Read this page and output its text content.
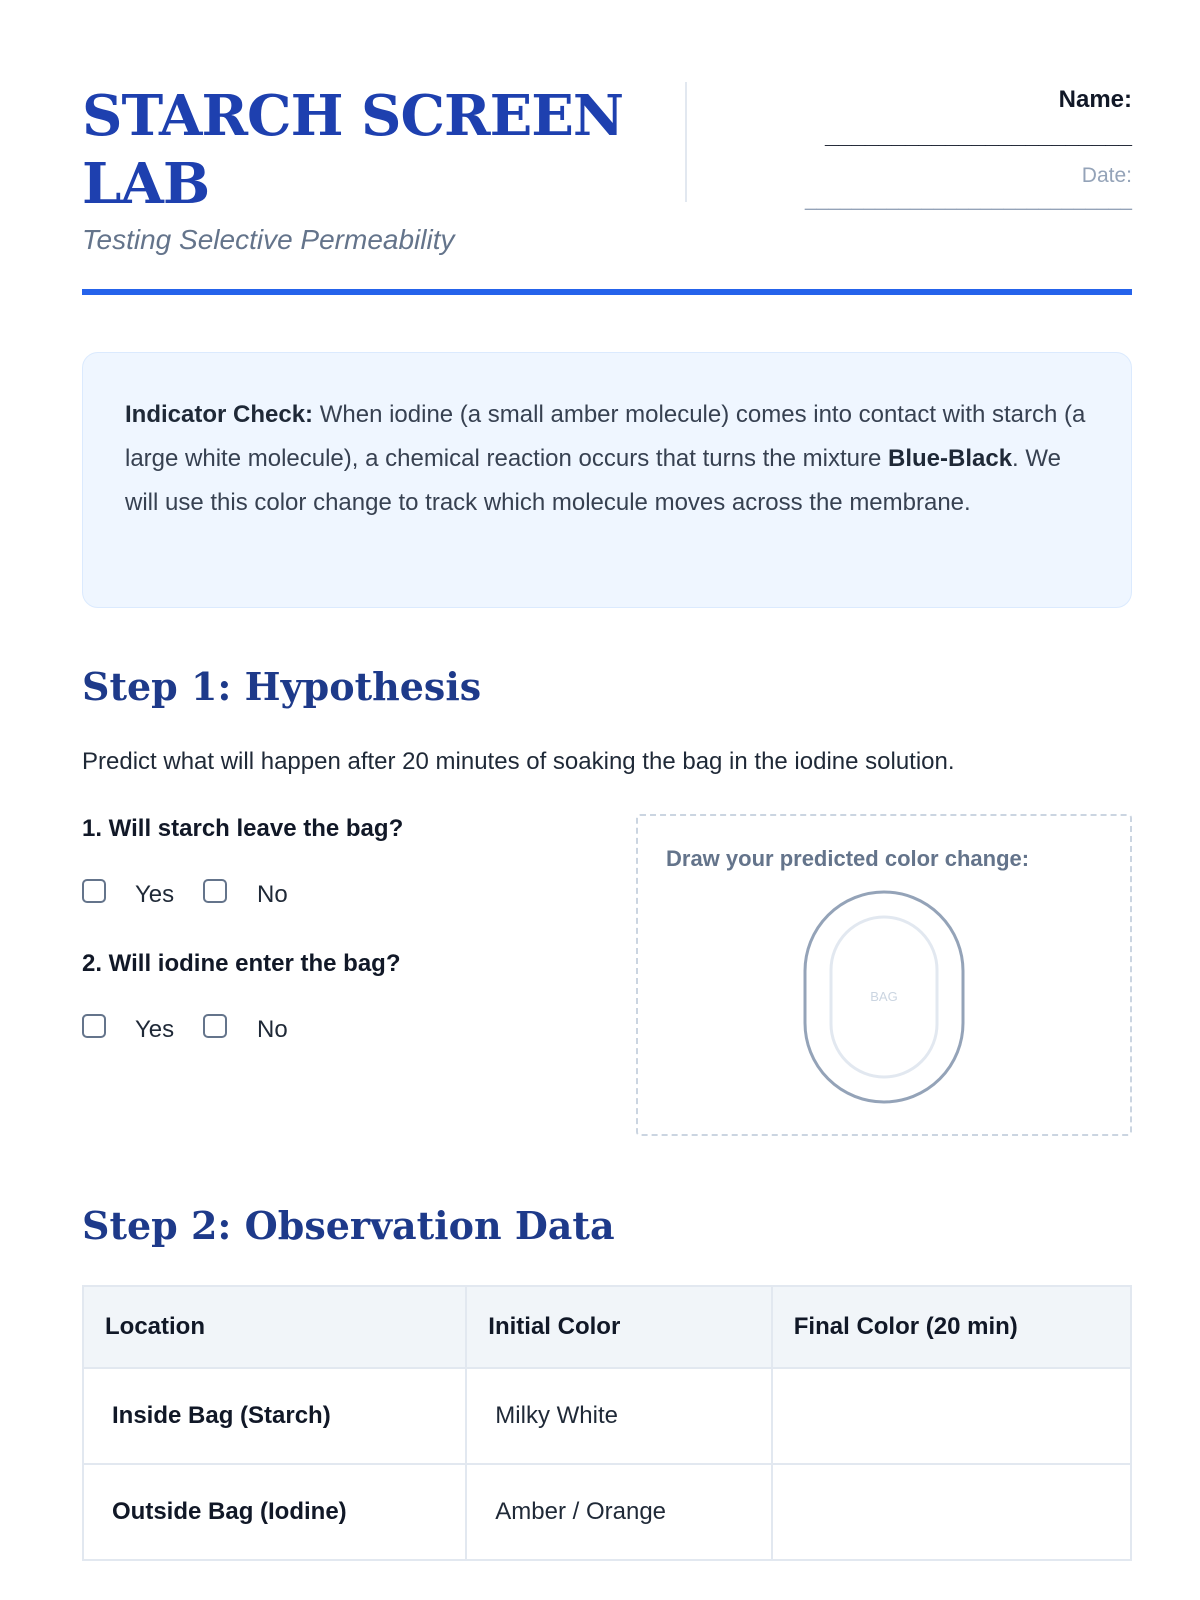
STARCH SCREEN
LAB
Testing Selective Permeability
Name:
_______________________
Date: ____________________________
Indicator Check: When iodine (a small amber molecule) comes into contact with starch (a large white molecule), a chemical reaction occurs that turns the mixture Blue-Black. We will use this color change to track which molecule moves across the membrane.
Step 1: Hypothesis
Predict what will happen after 20 minutes of soaking the bag in the iodine solution.
1. Will starch leave the bag?
Yes	No
2. Will iodine enter the bag?
Yes	No
Draw your predicted color change:
BAG
Step 2: Observation Data
Location	Initial Color	Final Color (20 min)
Inside Bag (Starch)	Milky White	
Outside Bag (Iodine)	Amber / Orange	
